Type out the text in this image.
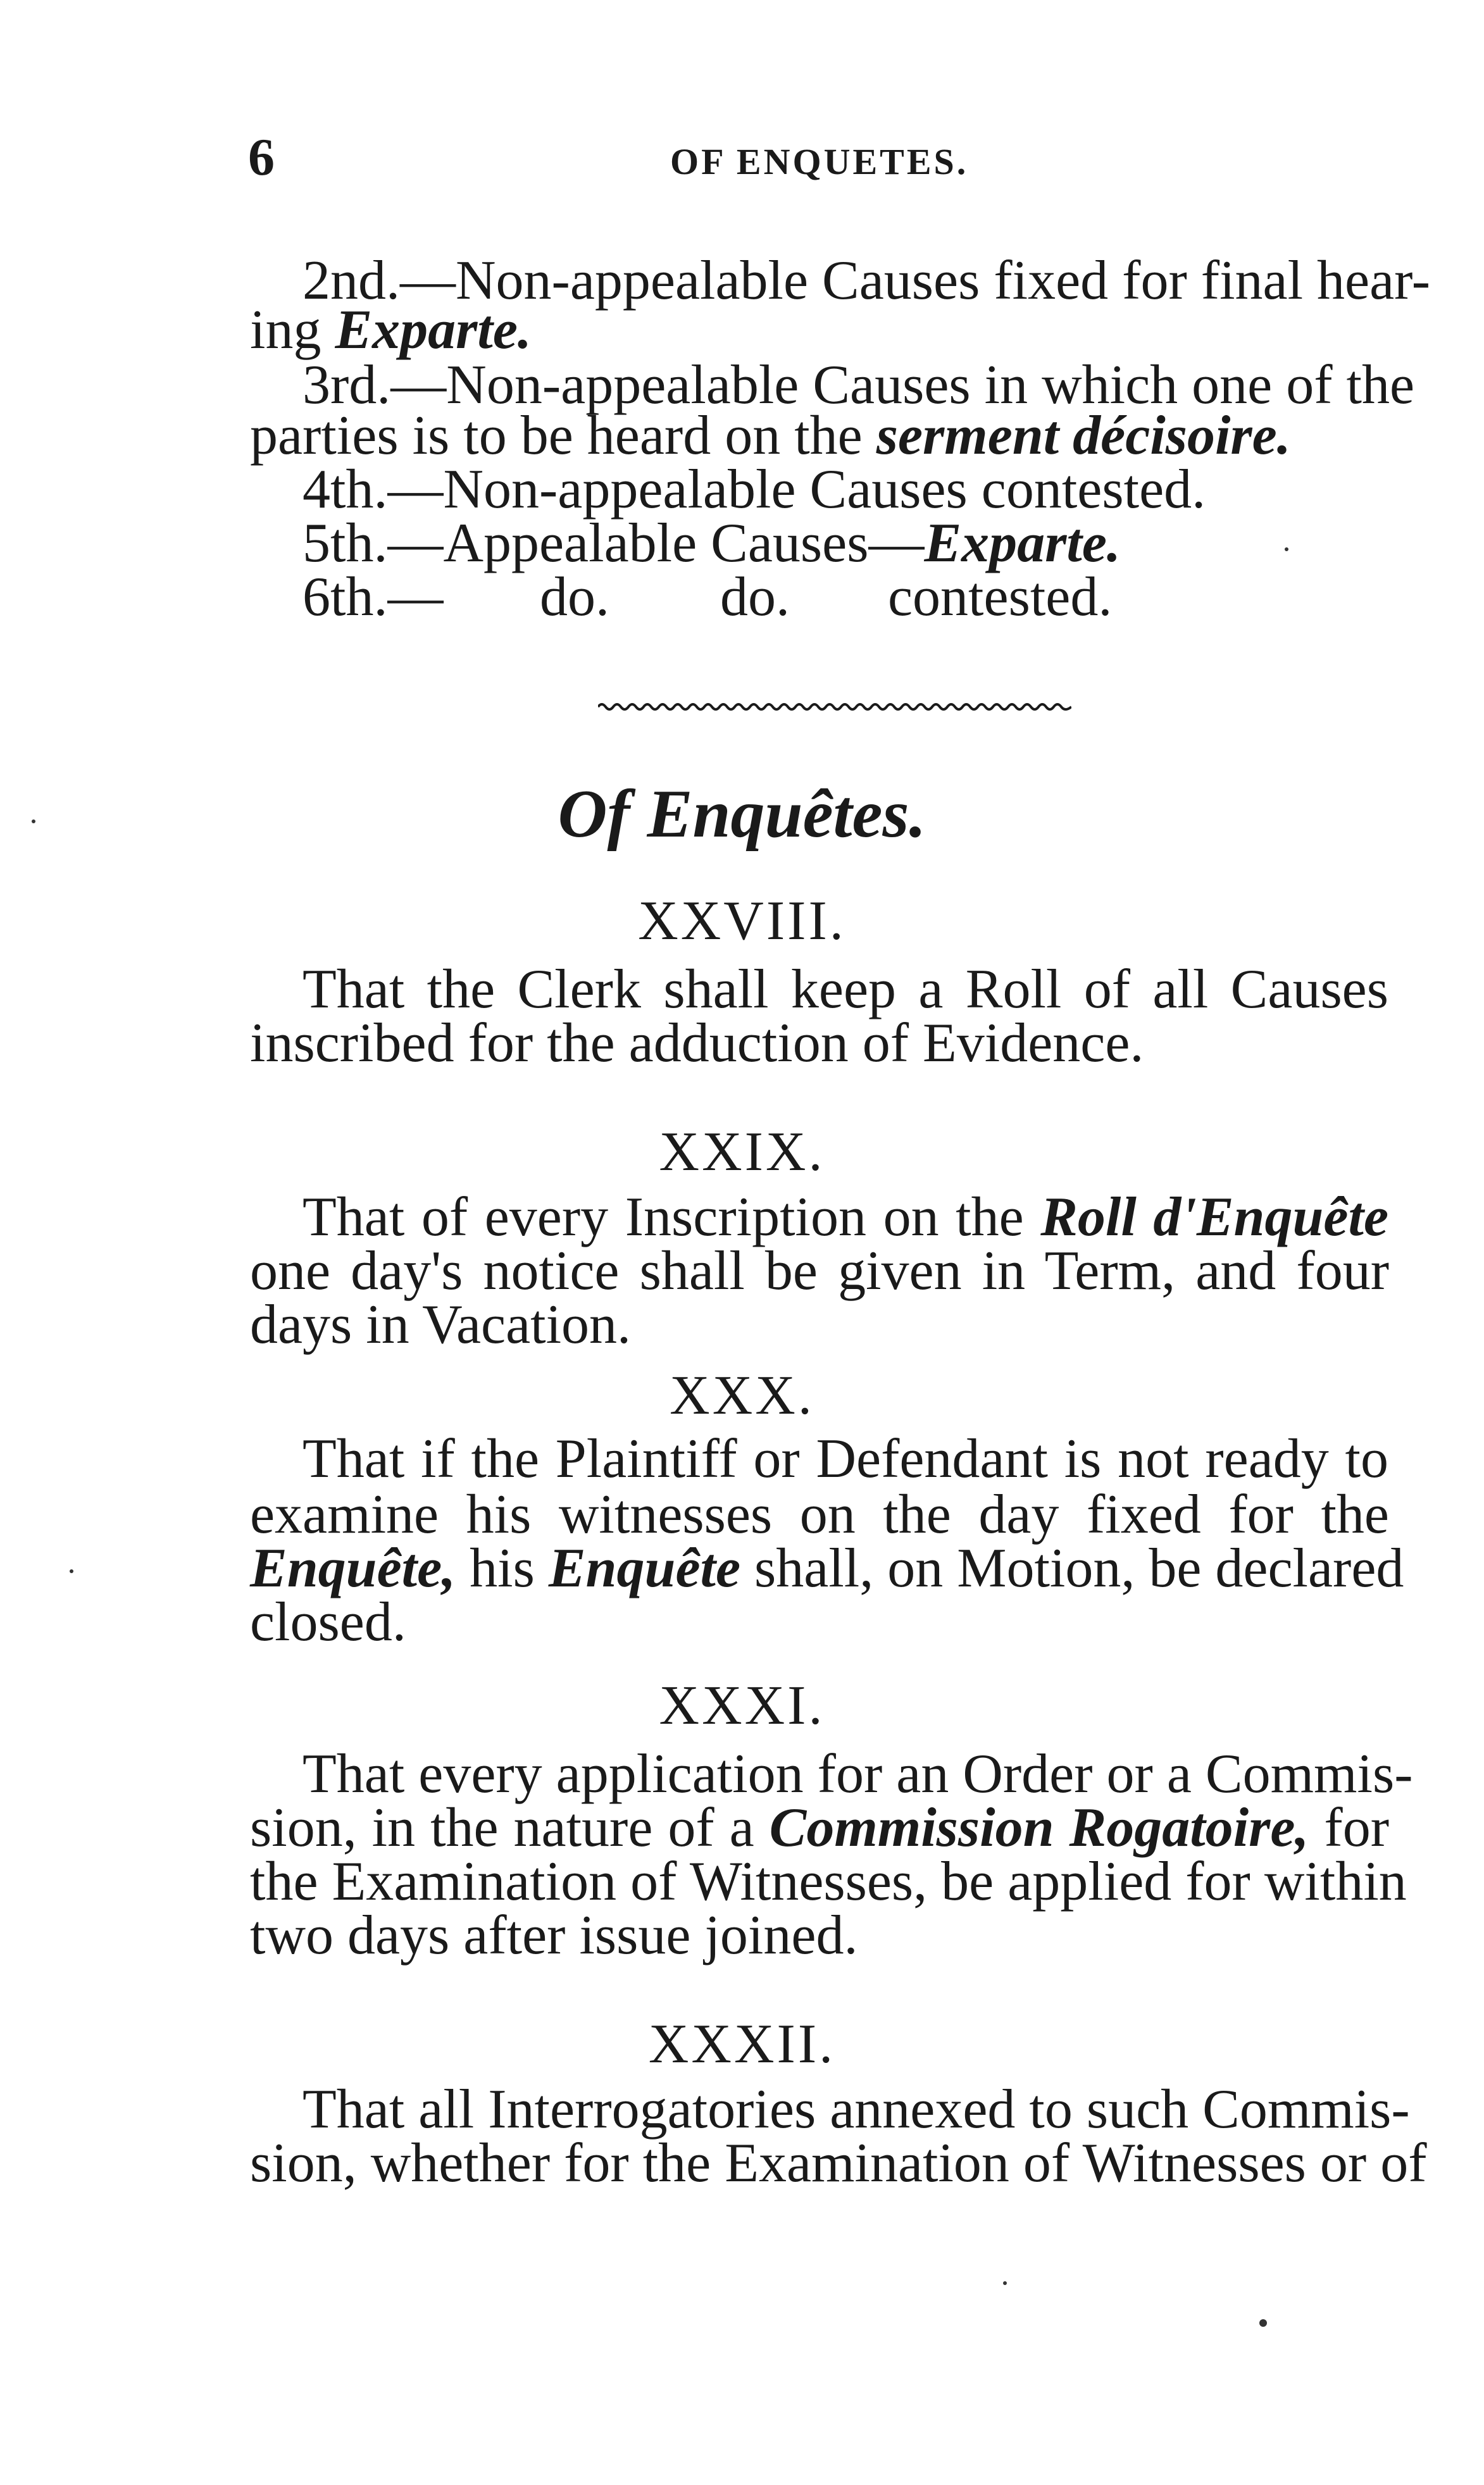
6	OF ENQUETES.
2nd.—Non-appealable Causes fixed for final hear-
ing Exparte.
3rd.—Non-appealable Causes in which one of the
parties is to be heard on the serment décisoire.
4th.—Non-appealable Causes contested.
5th.—Appealable Causes—Exparte.
6th.— do. do. contested.
Of Enquêtes.
XXVIII.
That the Clerk shall keep a Roll of all Causes
inscribed for the adduction of Evidence.
XXIX.
That of every Inscription on the Roll d'Enquête
one day's notice shall be given in Term, and four
days in Vacation.
XXX.
That if the Plaintiff or Defendant is not ready to
examine his witnesses on the day fixed for the
Enquête, his Enquête shall, on Motion, be declared
closed.
XXXI.
That every application for an Order or a Commis-
sion, in the nature of a Commission Rogatoire, for
the Examination of Witnesses, be applied for within
two days after issue joined.
XXXII.
That all Interrogatories annexed to such Commis-
sion, whether for the Examination of Witnesses or of
